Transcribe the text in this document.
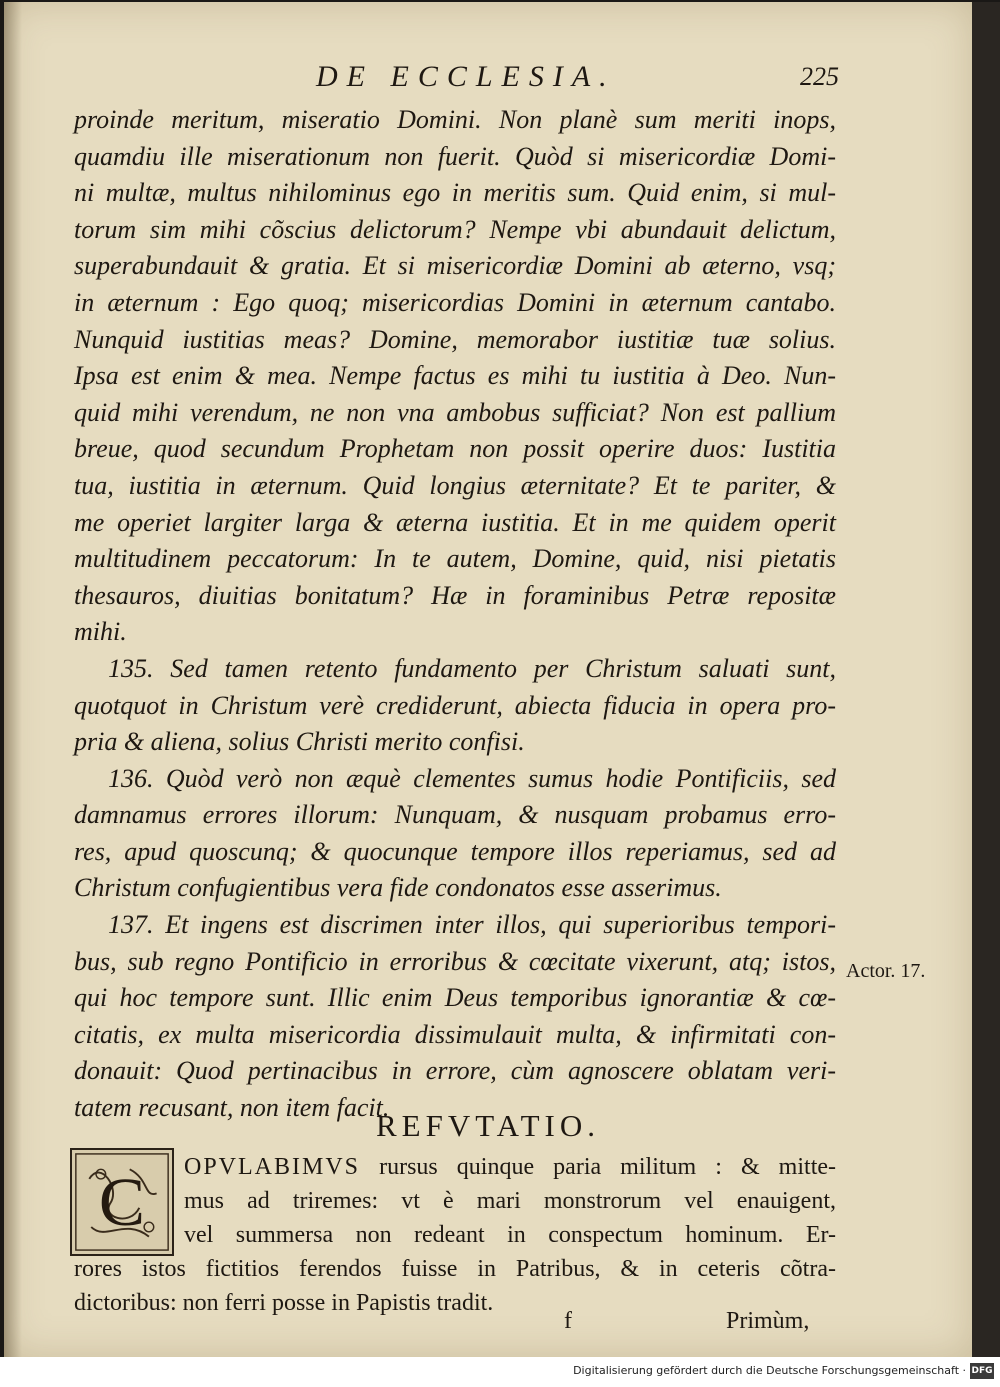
DE ECCLESIA.	225
proinde meritum, miseratio Domini. Non planè sum meriti inops,
quamdiu ille miserationum non fuerit. Quòd si misericordiæ Domi-
ni multæ, multus nihilominus ego in meritis sum. Quid enim, si mul-
torum sim mihi cõscius delictorum? Nempe vbi abundauit delictum,
superabundauit & gratia. Et si misericordiæ Domini ab æterno, vsq;
in æternum : Ego quoq; misericordias Domini in æternum cantabo.
Nunquid iustitias meas? Domine, memorabor iustitiæ tuæ solius.
Ipsa est enim & mea. Nempe factus es mihi tu iustitia à Deo. Nun-
quid mihi verendum, ne non vna ambobus sufficiat? Non est pallium
breue, quod secundum Prophetam non possit operire duos: Iustitia
tua, iustitia in æternum. Quid longius æternitate? Et te pariter, &
me operiet largiter larga & æterna iustitia. Et in me quidem operit
multitudinem peccatorum: In te autem, Domine, quid, nisi pietatis
thesauros, diuitias bonitatum? Hæ in foraminibus Petræ repositæ
mihi.
135. Sed tamen retento fundamento per Christum saluati sunt,
quotquot in Christum verè crediderunt, abiecta fiducia in opera pro-
pria & aliena, solius Christi merito confisi.
136. Quòd verò non æquè clementes sumus hodie Pontificiis, sed
damnamus errores illorum: Nunquam, & nusquam probamus erro-
res, apud quoscunq; & quocunque tempore illos reperiamus, sed ad
Christum confugientibus vera fide condonatos esse asserimus.
137. Et ingens est discrimen inter illos, qui superioribus tempori-
bus, sub regno Pontificio in erroribus & cœcitate vixerunt, atq; istos,
qui hoc tempore sunt. Illic enim Deus temporibus ignorantiæ & cœ-
citatis, ex multa misericordia dissimulauit multa, & infirmitati con-
donauit: Quod pertinacibus in errore, cùm agnoscere oblatam veri-
tatem recusant, non item facit.
Actor. 17.
REFVTATIO.
C	OPVLABIMVS rursus quinque paria militum : & mitte-
mus ad triremes: vt è mari monstrorum vel enauigent,
vel summersa non redeant in conspectum hominum. Er-
rores istos fictitios ferendos fuisse in Patribus, & in ceteris cõtra-
dictoribus: non ferri posse in Papistis tradit.
f	Primùm,
Digitalisierung gefördert durch die Deutsche Forschungsgemeinschaft · DFG
